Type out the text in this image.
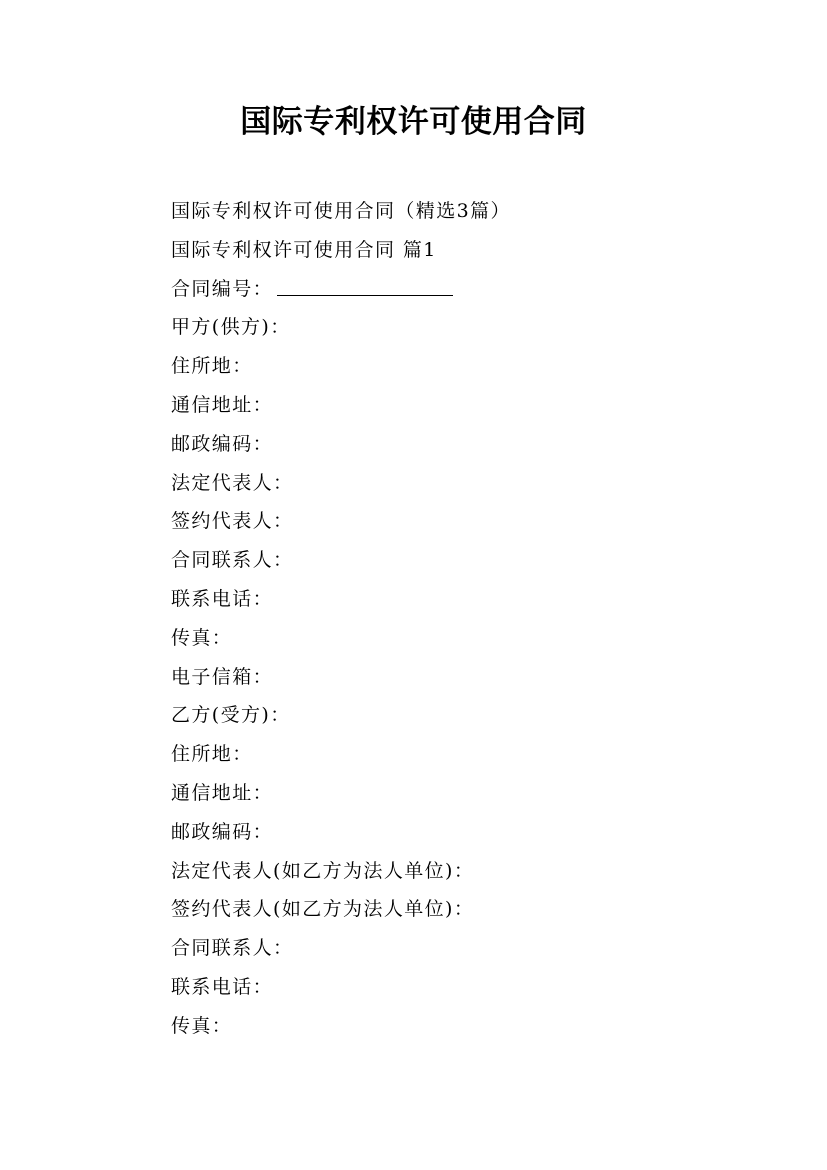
国际专利权许可使用合同
国际专利权许可使用合同（精选3篇）
国际专利权许可使用合同 篇1
合同编号：
甲方(供方)：
住所地：
通信地址：
邮政编码：
法定代表人：
签约代表人：
合同联系人：
联系电话：
传真：
电子信箱：
乙方(受方)：
住所地：
通信地址：
邮政编码：
法定代表人(如乙方为法人单位)：
签约代表人(如乙方为法人单位)：
合同联系人：
联系电话：
传真：
